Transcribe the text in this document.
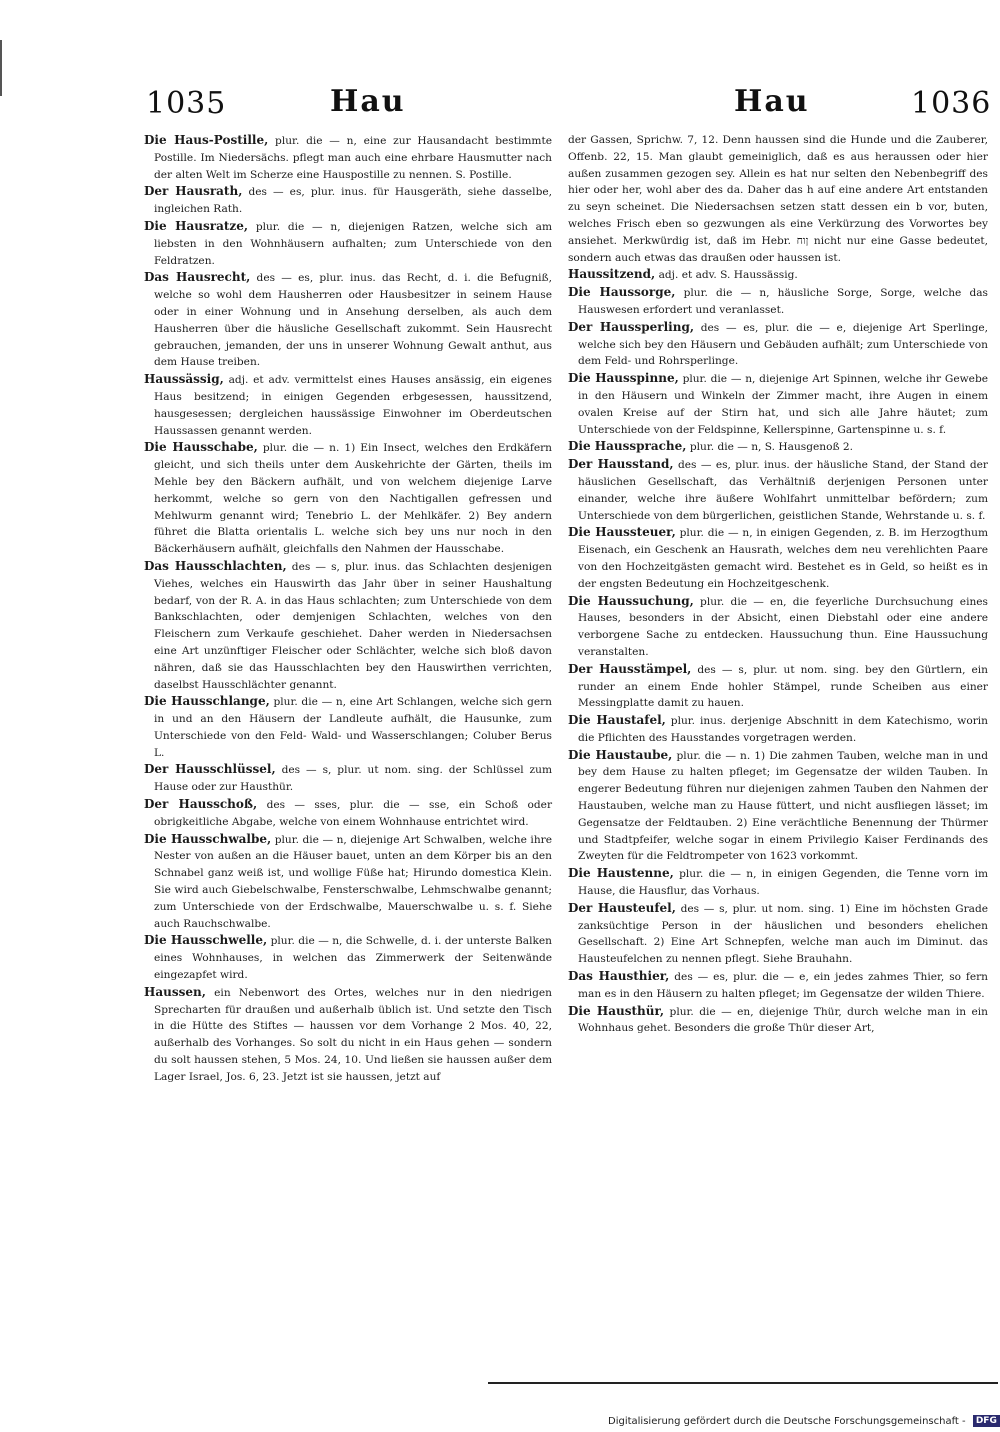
1035	Hau	Hau	1036
Die Haus-Postille, plur. die — n, eine zur Hausandacht bestimmte Postille. Im Niedersächs. pflegt man auch eine ehrbare Hausmutter nach der alten Welt im Scherze eine Hauspostille zu nennen. S. Postille.
Der Hausrath, des — es, plur. inus. für Hausgeräth, siehe dasselbe, ingleichen Rath.
Die Hausratze, plur. die — n, diejenigen Ratzen, welche sich am liebsten in den Wohnhäusern aufhalten; zum Unterschiede von den Feldratzen.
Das Hausrecht, des — es, plur. inus. das Recht, d. i. die Befugniß, welche so wohl dem Hausherren oder Hausbesitzer in seinem Hause oder in einer Wohnung und in Ansehung derselben, als auch dem Hausherren über die häusliche Gesellschaft zukommt. Sein Hausrecht gebrauchen, jemanden, der uns in unserer Wohnung Gewalt anthut, aus dem Hause treiben.
Haussässig, adj. et adv. vermittelst eines Hauses ansässig, ein eigenes Haus besitzend; in einigen Gegenden erbgesessen, haussitzend, hausgesessen; dergleichen haussässige Einwohner im Oberdeutschen Haussassen genannt werden.
Die Hausschabe, plur. die — n. 1) Ein Insect, welches den Erdkäfern gleicht, und sich theils unter dem Auskehrichte der Gärten, theils im Mehle bey den Bäckern aufhält, und von welchem diejenige Larve herkommt, welche so gern von den Nachtigallen gefressen und Mehlwurm genannt wird; Tenebrio L. der Mehlkäfer. 2) Bey andern führet die Blatta orientalis L. welche sich bey uns nur noch in den Bäckerhäusern aufhält, gleichfalls den Nahmen der Hausschabe.
Das Hausschlachten, des — s, plur. inus. das Schlachten desjenigen Viehes, welches ein Hauswirth das Jahr über in seiner Haushaltung bedarf, von der R. A. in das Haus schlachten; zum Unterschiede von dem Bankschlachten, oder demjenigen Schlachten, welches von den Fleischern zum Verkaufe geschiehet. Daher werden in Niedersachsen eine Art unzünftiger Fleischer oder Schlächter, welche sich bloß davon nähren, daß sie das Hausschlachten bey den Hauswirthen verrichten, daselbst Hausschlächter genannt.
Die Hausschlange, plur. die — n, eine Art Schlangen, welche sich gern in und an den Häusern der Landleute aufhält, die Hausunke, zum Unterschiede von den Feld- Wald- und Wasserschlangen; Coluber Berus L.
Der Hausschlüssel, des — s, plur. ut nom. sing. der Schlüssel zum Hause oder zur Hausthür.
Der Hausschoß, des — sses, plur. die — sse, ein Schoß oder obrigkeitliche Abgabe, welche von einem Wohnhause entrichtet wird.
Die Hausschwalbe, plur. die — n, diejenige Art Schwalben, welche ihre Nester von außen an die Häuser bauet, unten an dem Körper bis an den Schnabel ganz weiß ist, und wollige Füße hat; Hirundo domestica Klein. Sie wird auch Giebelschwalbe, Fensterschwalbe, Lehmschwalbe genannt; zum Unterschiede von der Erdschwalbe, Mauerschwalbe u. s. f. Siehe auch Rauchschwalbe.
Die Hausschwelle, plur. die — n, die Schwelle, d. i. der unterste Balken eines Wohnhauses, in welchen das Zimmerwerk der Seitenwände eingezapfet wird.
Haussen, ein Nebenwort des Ortes, welches nur in den niedrigen Sprecharten für draußen und außerhalb üblich ist. Und setzte den Tisch in die Hütte des Stiftes — haussen vor dem Vorhange 2 Mos. 40, 22, außerhalb des Vorhanges. So solt du nicht in ein Haus gehen — sondern du solt haussen stehen, 5 Mos. 24, 10. Und ließen sie haussen außer dem Lager Israel, Jos. 6, 23. Jetzt ist sie haussen, jetzt auf
der Gassen, Sprichw. 7, 12. Denn haussen sind die Hunde und die Zauberer, Offenb. 22, 15. Man glaubt gemeiniglich, daß es aus heraussen oder hier außen zusammen gezogen sey. Allein es hat nur selten den Nebenbegriff des hier oder her, wohl aber des da. Daher das h auf eine andere Art entstanden zu seyn scheinet. Die Niedersachsen setzen statt dessen ein b vor, buten, welches Frisch eben so gezwungen als eine Verkürzung des Vorwortes bey ansiehet. Merkwürdig ist, daß im Hebr. ןוח nicht nur eine Gasse bedeutet, sondern auch etwas das draußen oder haussen ist.
Haussitzend, adj. et adv. S. Haussässig.
Die Haussorge, plur. die — n, häusliche Sorge, Sorge, welche das Hauswesen erfordert und veranlasset.
Der Haussperling, des — es, plur. die — e, diejenige Art Sperlinge, welche sich bey den Häusern und Gebäuden aufhält; zum Unterschiede von dem Feld- und Rohrsperlinge.
Die Hausspinne, plur. die — n, diejenige Art Spinnen, welche ihr Gewebe in den Häusern und Winkeln der Zimmer macht, ihre Augen in einem ovalen Kreise auf der Stirn hat, und sich alle Jahre häutet; zum Unterschiede von der Feldspinne, Kellerspinne, Gartenspinne u. s. f.
Die Haussprache, plur. die — n, S. Hausgenoß 2.
Der Hausstand, des — es, plur. inus. der häusliche Stand, der Stand der häuslichen Gesellschaft, das Verhältniß derjenigen Personen unter einander, welche ihre äußere Wohlfahrt unmittelbar befördern; zum Unterschiede von dem bürgerlichen, geistlichen Stande, Wehrstande u. s. f.
Die Haussteuer, plur. die — n, in einigen Gegenden, z. B. im Herzogthum Eisenach, ein Geschenk an Hausrath, welches dem neu verehlichten Paare von den Hochzeitgästen gemacht wird. Bestehet es in Geld, so heißt es in der engsten Bedeutung ein Hochzeitgeschenk.
Die Haussuchung, plur. die — en, die feyerliche Durchsuchung eines Hauses, besonders in der Absicht, einen Diebstahl oder eine andere verborgene Sache zu entdecken. Haussuchung thun. Eine Haussuchung veranstalten.
Der Hausstämpel, des — s, plur. ut nom. sing. bey den Gürtlern, ein runder an einem Ende hohler Stämpel, runde Scheiben aus einer Messingplatte damit zu hauen.
Die Haustafel, plur. inus. derjenige Abschnitt in dem Katechismo, worin die Pflichten des Hausstandes vorgetragen werden.
Die Haustaube, plur. die — n. 1) Die zahmen Tauben, welche man in und bey dem Hause zu halten pfleget; im Gegensatze der wilden Tauben. In engerer Bedeutung führen nur diejenigen zahmen Tauben den Nahmen der Haustauben, welche man zu Hause füttert, und nicht ausfliegen lässet; im Gegensatze der Feldtauben. 2) Eine verächtliche Benennung der Thürmer und Stadtpfeifer, welche sogar in einem Privilegio Kaiser Ferdinands des Zweyten für die Feldtrompeter von 1623 vorkommt.
Die Haustenne, plur. die — n, in einigen Gegenden, die Tenne vorn im Hause, die Hausflur, das Vorhaus.
Der Hausteufel, des — s, plur. ut nom. sing. 1) Eine im höchsten Grade zanksüchtige Person in der häuslichen und besonders ehelichen Gesellschaft. 2) Eine Art Schnepfen, welche man auch im Diminut. das Hausteufelchen zu nennen pflegt. Siehe Brauhahn.
Das Hausthier, des — es, plur. die — e, ein jedes zahmes Thier, so fern man es in den Häusern zu halten pfleget; im Gegensatze der wilden Thiere.
Die Hausthür, plur. die — en, diejenige Thür, durch welche man in ein Wohnhaus gehet. Besonders die große Thür dieser Art,
Digitalisierung gefördert durch die Deutsche Forschungsgemeinschaft - DFG
